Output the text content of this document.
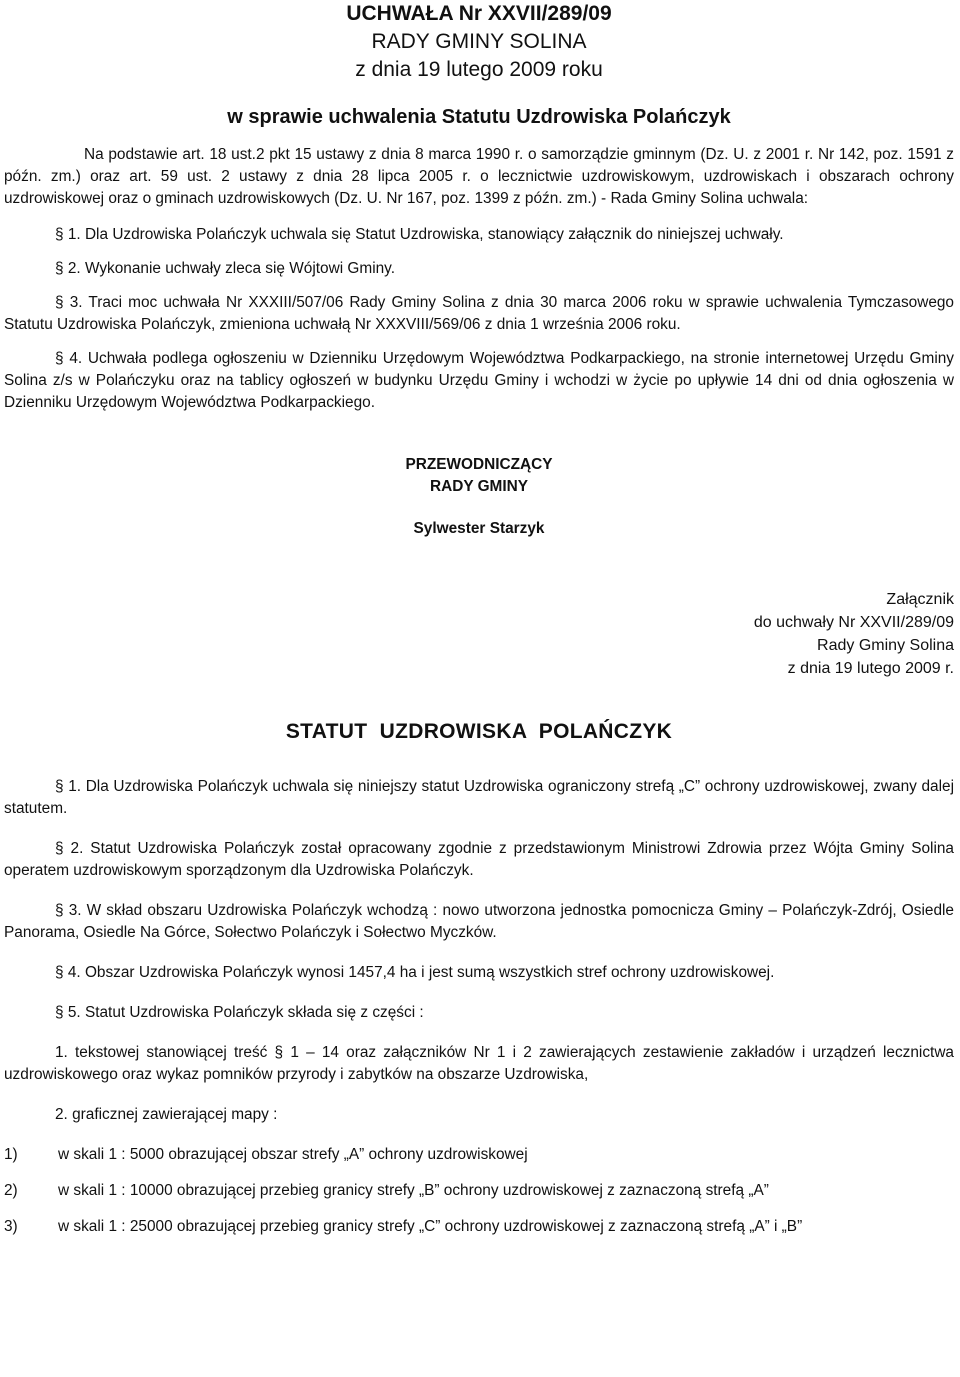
UCHWAŁA Nr XXVII/289/09
RADY GMINY SOLINA
z dnia 19 lutego 2009 roku
w sprawie uchwalenia Statutu Uzdrowiska Polańczyk

Na podstawie art. 18 ust.2 pkt 15 ustawy z dnia 8 marca 1990 r. o samorządzie gminnym (Dz. U. z 2001 r. Nr 142, poz. 1591 z późn. zm.) oraz art. 59 ust. 2 ustawy z dnia 28 lipca 2005 r. o lecznictwie uzdrowiskowym, uzdrowiskach i obszarach ochrony uzdrowiskowej oraz o gminach uzdrowiskowych (Dz. U. Nr 167, poz. 1399 z późn. zm.) - Rada Gminy Solina uchwala:

§ 1. Dla Uzdrowiska Polańczyk uchwala się Statut Uzdrowiska, stanowiący załącznik do niniejszej uchwały.

§ 2. Wykonanie uchwały zleca się Wójtowi Gminy.

§ 3. Traci moc uchwała Nr XXXIII/507/06 Rady Gminy Solina z dnia 30 marca 2006 roku w sprawie uchwalenia Tymczasowego Statutu Uzdrowiska Polańczyk, zmieniona uchwałą Nr XXXVIII/569/06 z dnia 1 września 2006 roku.

§ 4. Uchwała podlega ogłoszeniu w Dzienniku Urzędowym Województwa Podkarpackiego, na stronie internetowej Urzędu Gminy Solina z/s w Polańczyku oraz na tablicy ogłoszeń w budynku Urzędu Gminy i wchodzi w życie po upływie 14 dni od dnia ogłoszenia w Dzienniku Urzędowym Województwa Podkarpackiego.

PRZEWODNICZĄCY
RADY GMINY
Sylwester Starzyk
Załącznik
do uchwały Nr XXVII/289/09
Rady Gminy Solina
z dnia 19 lutego 2009 r.
STATUT  UZDROWISKA  POLAŃCZYK

§ 1. Dla Uzdrowiska Polańczyk uchwala się niniejszy statut Uzdrowiska ograniczony strefą „C” ochrony uzdrowiskowej, zwany dalej statutem.

§ 2. Statut Uzdrowiska Polańczyk został opracowany zgodnie z przedstawionym Ministrowi Zdrowia przez Wójta Gminy Solina operatem uzdrowiskowym sporządzonym dla Uzdrowiska Polańczyk.

§ 3. W skład obszaru Uzdrowiska Polańczyk wchodzą : nowo utworzona jednostka pomocnicza Gminy – Polańczyk-Zdrój, Osiedle Panorama, Osiedle Na Górce, Sołectwo Polańczyk i Sołectwo Myczków.

§ 4. Obszar Uzdrowiska Polańczyk wynosi 1457,4 ha i jest sumą wszystkich stref ochrony uzdrowiskowej.

§ 5. Statut Uzdrowiska Polańczyk składa się z części :

1. tekstowej stanowiącej treść § 1 – 14 oraz załączników Nr 1 i 2 zawierających zestawienie zakładów i urządzeń lecznictwa uzdrowiskowego oraz wykaz pomników przyrody i zabytków na obszarze Uzdrowiska,

2. graficznej zawierającej mapy :

1)	w skali 1 : 5000 obrazującej obszar strefy „A” ochrony uzdrowiskowej
2)	w skali 1 : 10000 obrazującej przebieg granicy strefy „B” ochrony uzdrowiskowej z zaznaczoną strefą „A”
3)	w skali 1 : 25000 obrazującej przebieg granicy strefy „C” ochrony uzdrowiskowej z zaznaczoną strefą „A” i „B”
